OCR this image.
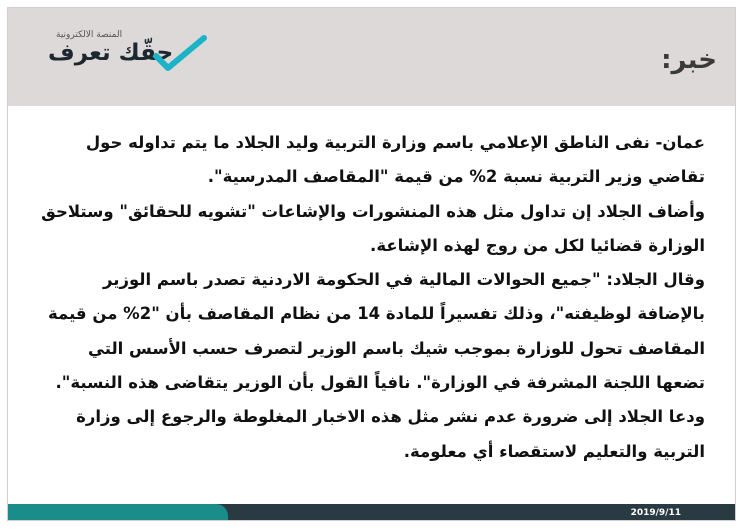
المنصة الالكترونية
حقّك تعرف	خبر:

عمان- نفى الناطق الإعلامي باسم وزارة التربية وليد الجلاد ما يتم تداوله حول تقاضي وزير التربية نسبة 2% من قيمة "المقاصف المدرسية".

وأضاف الجلاد إن تداول مثل هذه المنشورات والإشاعات "تشويه للحقائق" وستلاحق الوزارة قضائيا لكل من روج لهذه الإشاعة.

وقال الجلاد: "جميع الحوالات المالية في الحكومة الاردنية تصدر باسم الوزير بالإضافة لوظيفته"، وذلك تفسيراً للمادة 14 من نظام المقاصف بأن "2% من قيمة المقاصف تحول للوزارة بموجب شيك باسم الوزير لتصرف حسب الأسس التي تضعها اللجنة المشرفة في الوزارة". نافياً القول بأن الوزير يتقاضى هذه النسبة".

ودعا الجلاد إلى ضرورة عدم نشر مثل هذه الاخبار المغلوطة والرجوع إلى وزارة التربية والتعليم لاستقصاء أي معلومة.

2019/9/11
